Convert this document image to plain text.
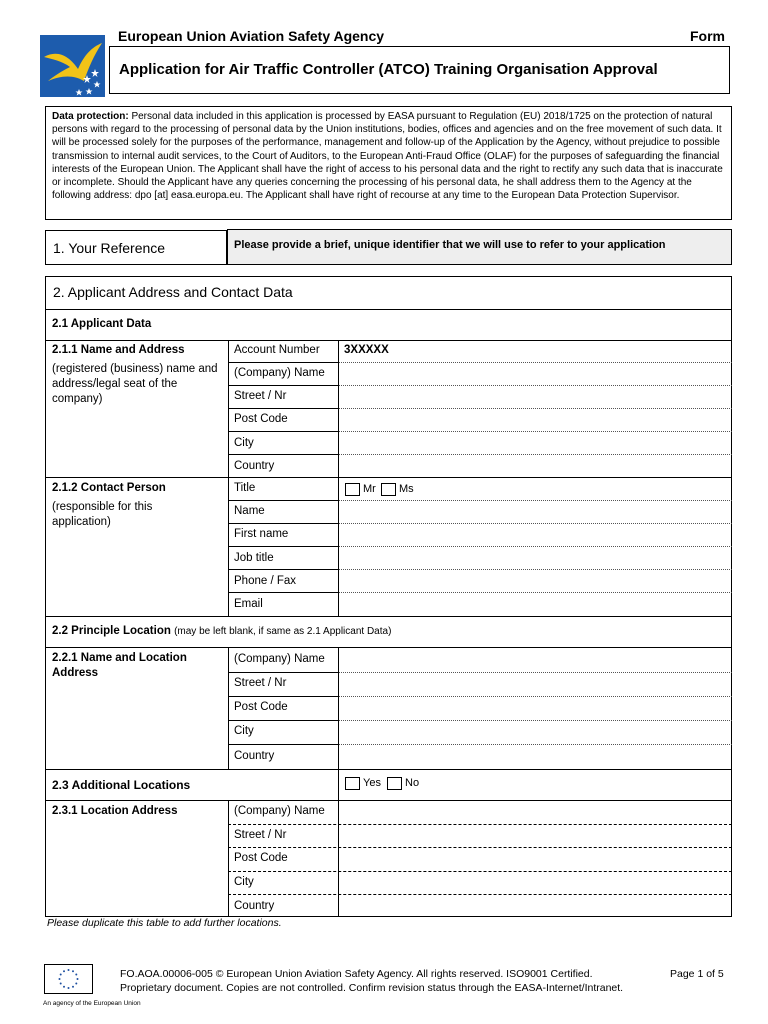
European Union Aviation Safety Agency	Form
Application for Air Traffic Controller (ATCO) Training Organisation Approval
Data protection: Personal data included in this application is processed by EASA pursuant to Regulation (EU) 2018/1725 on the protection of natural persons with regard to the processing of personal data by the Union institutions, bodies, offices and agencies and on the free movement of such data. It will be processed solely for the purposes of the performance, management and follow-up of the Application by the Agency, without prejudice to possible transmission to internal audit services, to the Court of Auditors, to the European Anti-Fraud Office (OLAF) for the purposes of safeguarding the financial interests of the European Union. The Applicant shall have the right of access to his personal data and the right to rectify any such data that is inaccurate or incomplete. Should the Applicant have any queries concerning the processing of his personal data, he shall address them to the Agency at the following address: dpo [at] easa.europa.eu. The Applicant shall have right of recourse at any time to the European Data Protection Supervisor.
1. Your Reference	Please provide a brief, unique identifier that we will use to refer to your application
2. Applicant Address and Contact Data
2.1 Applicant Data
2.1.1 Name and Address
(registered (business) name and address/legal seat of the company)
Account Number 3XXXXX
(Company) Name
Street / Nr
Post Code
City
Country
2.1.2 Contact Person
(responsible for this application)
Title	Mr Ms
Name
First name
Job title
Phone / Fax
Email
2.2 Principle Location (may be left blank, if same as 2.1 Applicant Data)
2.2.1 Name and Location Address
(Company) Name
Street / Nr
Post Code
City
Country
2.3 Additional Locations	Yes No
2.3.1 Location Address	(Company) Name
Street / Nr
Post Code
City
Country
Please duplicate this table to add further locations.
An agency of the European Union
FO.AOA.00006-005 © European Union Aviation Safety Agency. All rights reserved. ISO9001 Certified.
Proprietary document. Copies are not controlled. Confirm revision status through the EASA-Internet/Intranet.
Page 1 of 5
